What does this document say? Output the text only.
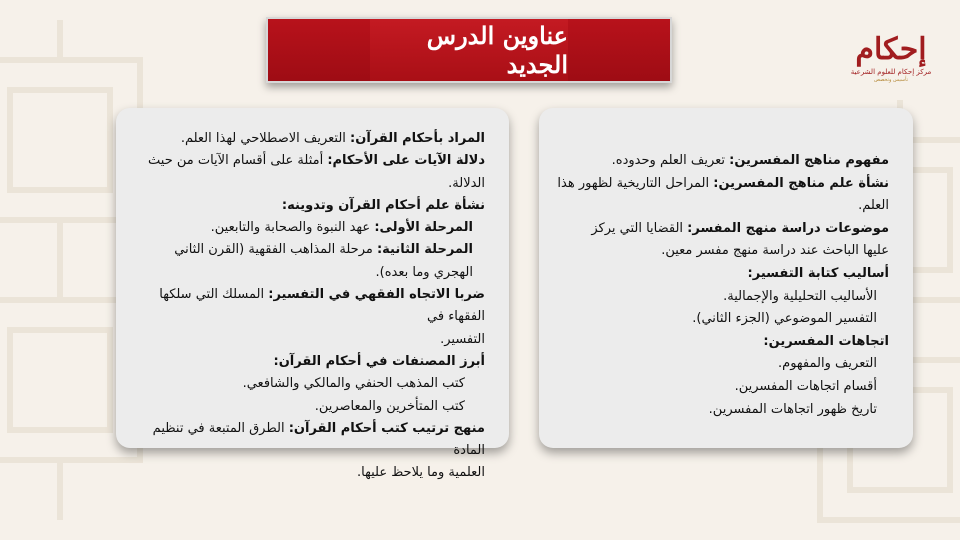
عناوين الدرس الجديد	إحكام
مركز إحكام للعلوم الشرعية
تأسيس وتخصص
المراد بأحكام القرآن: التعريف الاصطلاحي لهذا العلم.
دلالة الآيات على الأحكام: أمثلة على أقسام الآيات من حيث
الدلالة.
نشأة علم أحكام القرآن وتدوينه:
المرحلة الأولى: عهد النبوة والصحابة والتابعين.
المرحلة الثانية: مرحلة المذاهب الفقهية (القرن الثاني
الهجري وما بعده).
ضربا الاتجاه الفقهي في التفسير: المسلك التي سلكها الفقهاء في
التفسير.
أبرز المصنفات في أحكام القرآن:
كتب المذهب الحنفي والمالكي والشافعي.
كتب المتأخرين والمعاصرين.
منهج ترتيب كتب أحكام القرآن: الطرق المتبعة في تنظيم المادة
العلمية وما يلاحظ عليها.
مفهوم مناهج المفسرين: تعريف العلم وحدوده.
نشأة علم مناهج المفسرين: المراحل التاريخية لظهور هذا
العلم.
موضوعات دراسة منهج المفسر: القضايا التي يركز
عليها الباحث عند دراسة منهج مفسر معين.
أساليب كتابة التفسير:
الأساليب التحليلية والإجمالية.
التفسير الموضوعي (الجزء الثاني).
اتجاهات المفسرين:
التعريف والمفهوم.
أقسام اتجاهات المفسرين.
تاريخ ظهور اتجاهات المفسرين.
